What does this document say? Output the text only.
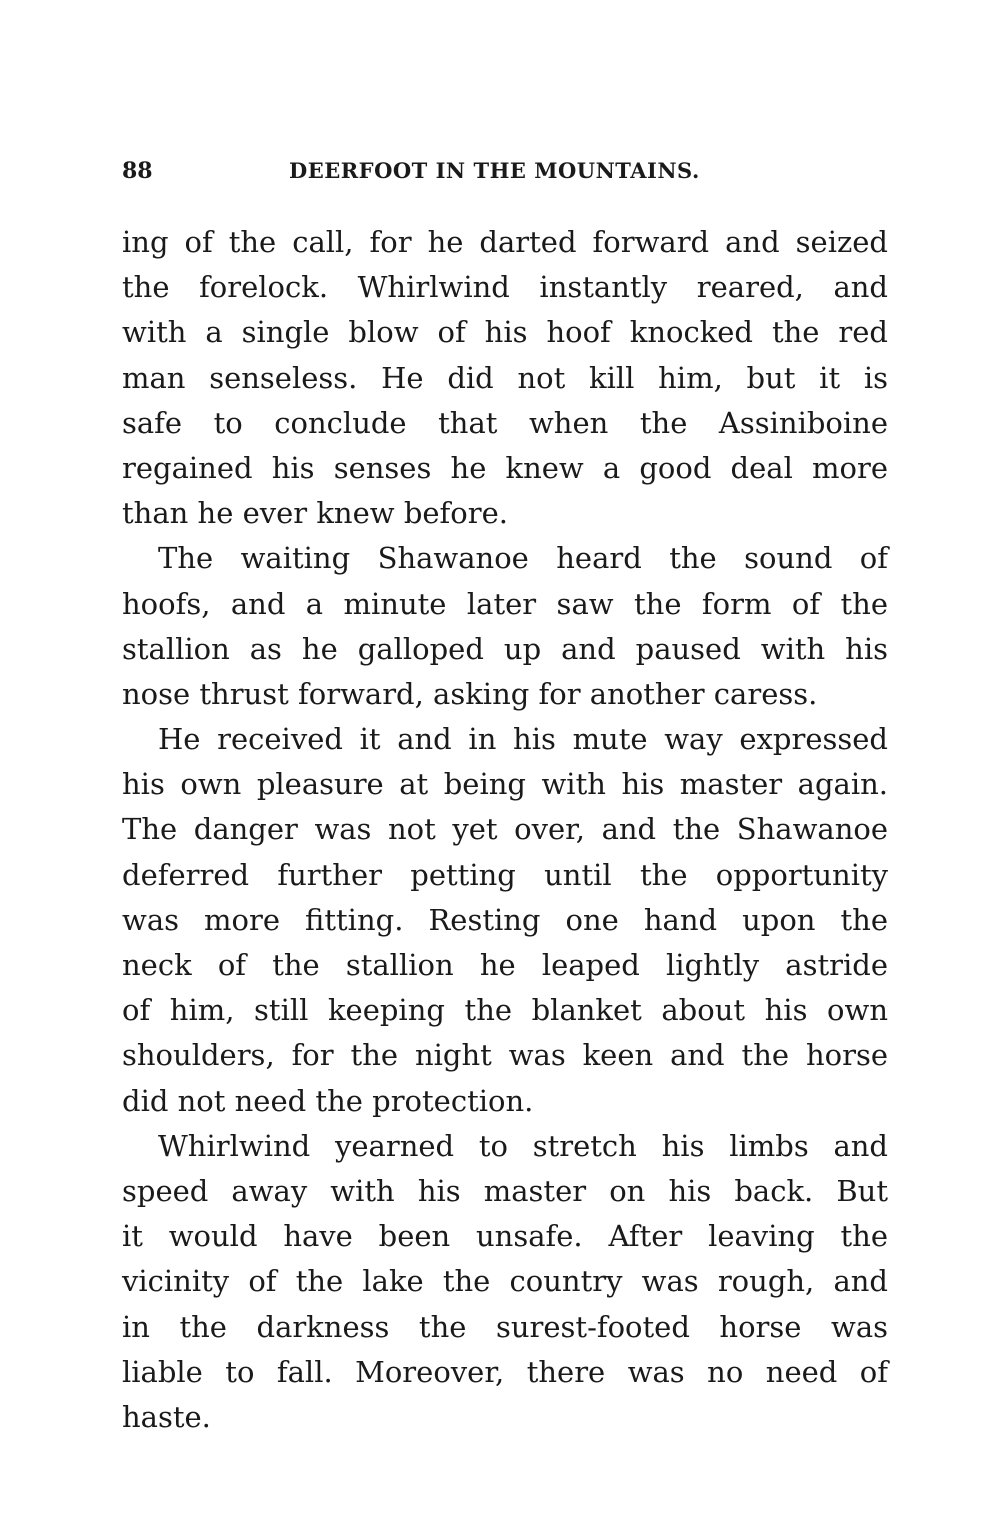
88	DEERFOOT IN THE MOUNTAINS.
ing of the call, for he darted forward and seized
the forelock. Whirlwind instantly reared, and
with a single blow of his hoof knocked the red
man senseless. He did not kill him, but it is
safe to conclude that when the Assiniboine
regained his senses he knew a good deal more
than he ever knew before.
The waiting Shawanoe heard the sound of
hoofs, and a minute later saw the form of the
stallion as he galloped up and paused with his
nose thrust forward, asking for another caress.
He received it and in his mute way expressed
his own pleasure at being with his master again.
The danger was not yet over, and the Shawanoe
deferred further petting until the opportunity
was more fitting. Resting one hand upon the
neck of the stallion he leaped lightly astride
of him, still keeping the blanket about his own
shoulders, for the night was keen and the horse
did not need the protection.
Whirlwind yearned to stretch his limbs and
speed away with his master on his back. But
it would have been unsafe. After leaving the
vicinity of the lake the country was rough, and
in the darkness the surest-footed horse was
liable to fall. Moreover, there was no need of
haste.
